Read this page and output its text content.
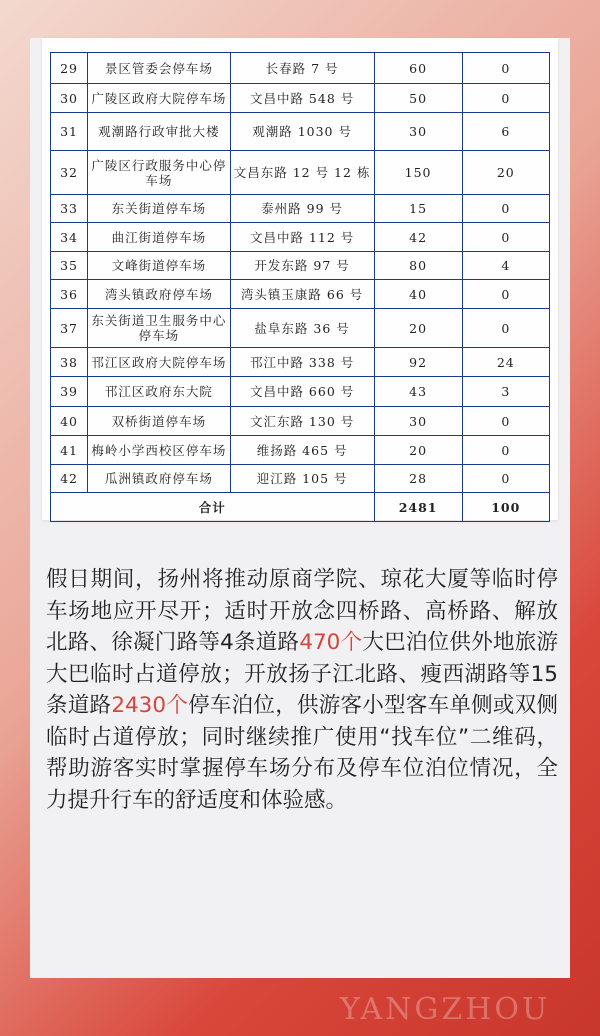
29	景区管委会停车场	长春路 7 号	60	0
30	广陵区政府大院停车场	文昌中路 548 号	50	0
31	观潮路行政审批大楼	观潮路 1030 号	30	6
32	广陵区行政服务中心停车场	文昌东路 12 号 12 栋	150	20
33	东关街道停车场	泰州路 99 号	15	0
34	曲江街道停车场	文昌中路 112 号	42	0
35	文峰街道停车场	开发东路 97 号	80	4
36	湾头镇政府停车场	湾头镇玉康路 66 号	40	0
37	东关街道卫生服务中心停车场	盐阜东路 36 号	20	0
38	邗江区政府大院停车场	邗江中路 338 号	92	24
39	邗江区政府东大院	文昌中路 660 号	43	3
40	双桥街道停车场	文汇东路 130 号	30	0
41	梅岭小学西校区停车场	维扬路 465 号	20	0
42	瓜洲镇政府停车场	迎江路 105 号	28	0
合计			2481	100
假日期间，扬州将推动原商学院、琼花大厦等临时停车场地应开尽开；适时开放念四桥路、高桥路、解放北路、徐凝门路等4条道路470个大巴泊位供外地旅游大巴临时占道停放；开放扬子江北路、瘦西湖路等15条道路2430个停车泊位，供游客小型客车单侧或双侧临时占道停放；同时继续推广使用“找车位”二维码，帮助游客实时掌握停车场分布及停车位泊位情况，全力提升行车的舒适度和体验感。
YANGZHOU
